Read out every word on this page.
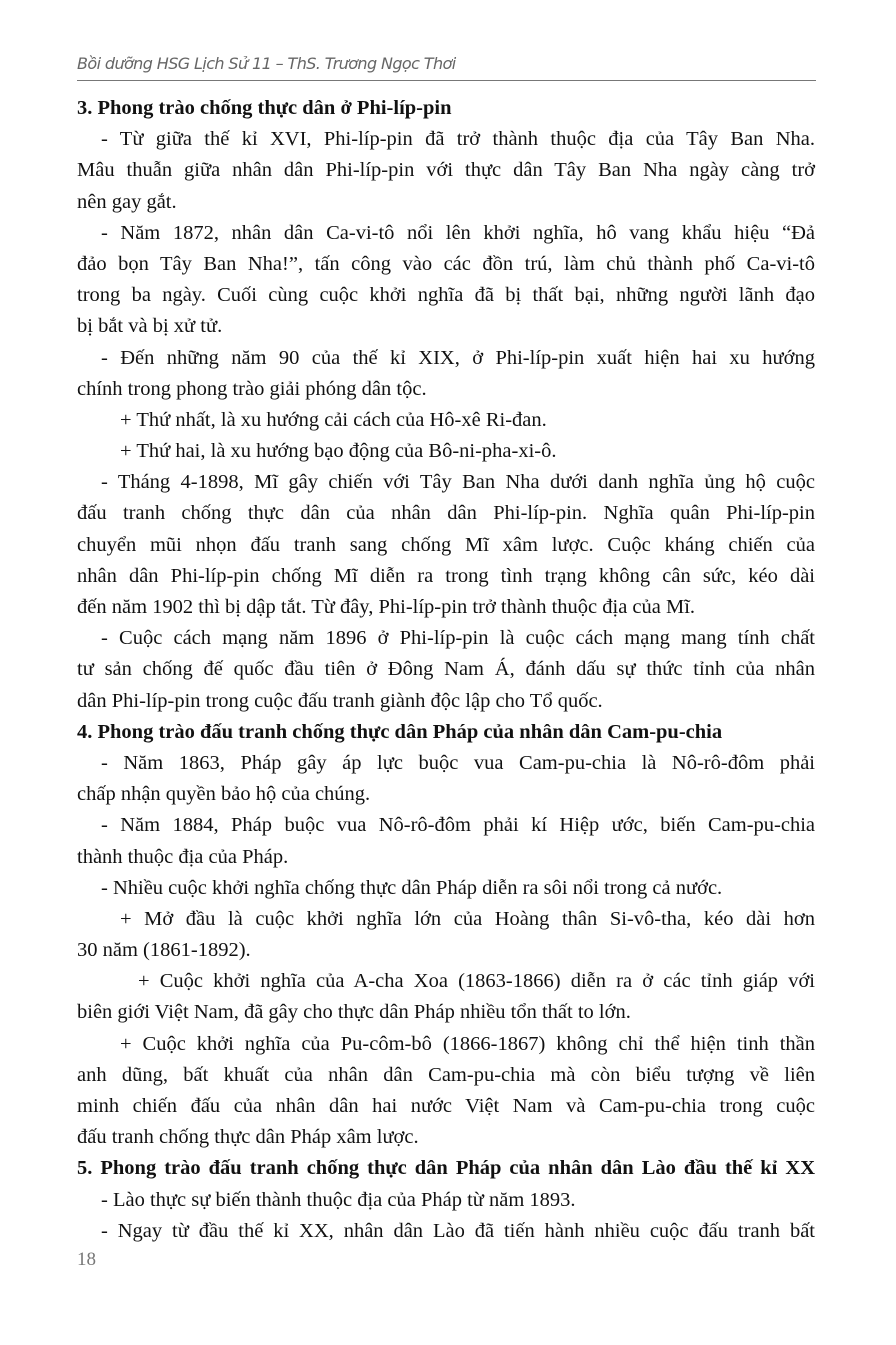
Bồi dưỡng HSG Lịch Sử 11 – ThS. Trương Ngọc Thơi
3. Phong trào chống thực dân ở Phi-líp-pin
- Từ giữa thế kỉ XVI, Phi-líp-pin đã trở thành thuộc địa của Tây Ban Nha.
Mâu thuẫn giữa nhân dân Phi-líp-pin với thực dân Tây Ban Nha ngày càng trở
nên gay gắt.
- Năm 1872, nhân dân Ca-vi-tô nổi lên khởi nghĩa, hô vang khẩu hiệu “Đả
đảo bọn Tây Ban Nha!”, tấn công vào các đồn trú, làm chủ thành phố Ca-vi-tô
trong ba ngày. Cuối cùng cuộc khởi nghĩa đã bị thất bại, những người lãnh đạo
bị bắt và bị xử tử.
- Đến những năm 90 của thế kỉ XIX, ở Phi-líp-pin xuất hiện hai xu hướng
chính trong phong trào giải phóng dân tộc.
+ Thứ nhất, là xu hướng cải cách của Hô-xê Ri-đan.
+ Thứ hai, là xu hướng bạo động của Bô-ni-pha-xi-ô.
- Tháng 4-1898, Mĩ gây chiến với Tây Ban Nha dưới danh nghĩa ủng hộ cuộc
đấu tranh chống thực dân của nhân dân Phi-líp-pin. Nghĩa quân Phi-líp-pin
chuyển mũi nhọn đấu tranh sang chống Mĩ xâm lược. Cuộc kháng chiến của
nhân dân Phi-líp-pin chống Mĩ diễn ra trong tình trạng không cân sức, kéo dài
đến năm 1902 thì bị dập tắt. Từ đây, Phi-líp-pin trở thành thuộc địa của Mĩ.
- Cuộc cách mạng năm 1896 ở Phi-líp-pin là cuộc cách mạng mang tính chất
tư sản chống đế quốc đầu tiên ở Đông Nam Á, đánh dấu sự thức tỉnh của nhân
dân Phi-líp-pin trong cuộc đấu tranh giành độc lập cho Tổ quốc.
4. Phong trào đấu tranh chống thực dân Pháp của nhân dân Cam-pu-chia
- Năm 1863, Pháp gây áp lực buộc vua Cam-pu-chia là Nô-rô-đôm phải
chấp nhận quyền bảo hộ của chúng.
- Năm 1884, Pháp buộc vua Nô-rô-đôm phải kí Hiệp ước, biến Cam-pu-chia
thành thuộc địa của Pháp.
- Nhiều cuộc khởi nghĩa chống thực dân Pháp diễn ra sôi nổi trong cả nước.
+ Mở đầu là cuộc khởi nghĩa lớn của Hoàng thân Si-vô-tha, kéo dài hơn
30 năm (1861-1892).
+ Cuộc khởi nghĩa của A-cha Xoa (1863-1866) diễn ra ở các tỉnh giáp với
biên giới Việt Nam, đã gây cho thực dân Pháp nhiều tổn thất to lớn.
+ Cuộc khởi nghĩa của Pu-côm-bô (1866-1867) không chỉ thể hiện tinh thần
anh dũng, bất khuất của nhân dân Cam-pu-chia mà còn biểu tượng về liên
minh chiến đấu của nhân dân hai nước Việt Nam và Cam-pu-chia trong cuộc
đấu tranh chống thực dân Pháp xâm lược.
5. Phong trào đấu tranh chống thực dân Pháp của nhân dân Lào đầu thế kỉ XX
- Lào thực sự biến thành thuộc địa của Pháp từ năm 1893.
- Ngay từ đầu thế kỉ XX, nhân dân Lào đã tiến hành nhiều cuộc đấu tranh bất
18
